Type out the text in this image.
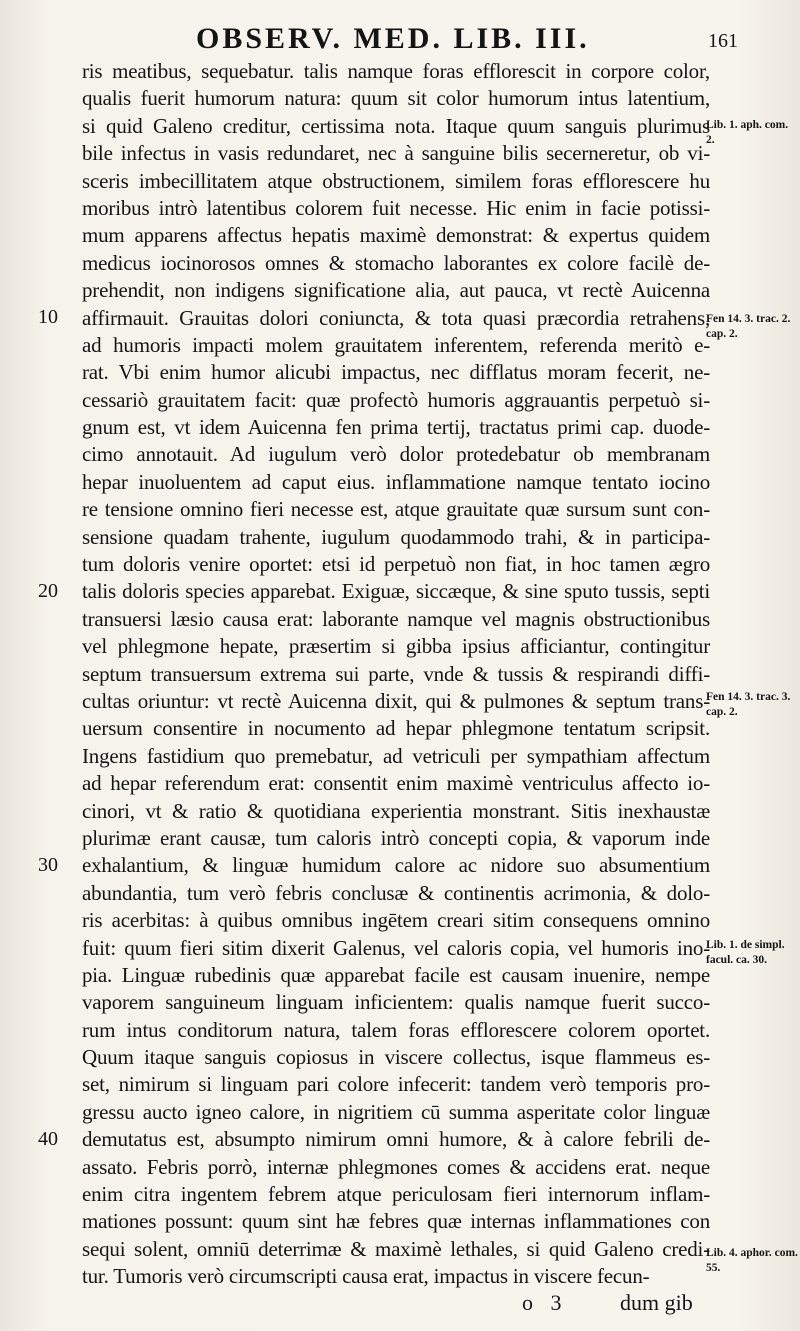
OBSERV. MED. LIB. III.	161
ris meatibus, sequebatur. talis namque foras efflorescit in corpore color,
qualis fuerit humorum natura: quum sit color humorum intus latentium,
si quid Galeno creditur, certissima nota. Itaque quum sanguis plurimus
bile infectus in vasis redundaret, nec à sanguine bilis secerneretur, ob vi-
sceris imbecillitatem atque obstructionem, similem foras efflorescere hu
moribus intrò latentibus colorem fuit necesse. Hic enim in facie potissi-
mum apparens affectus hepatis maximè demonstrat: & expertus quidem
medicus iocinorosos omnes & stomacho laborantes ex colore facilè de-
prehendit, non indigens significatione alia, aut pauca, vt rectè Auicenna
affirmauit. Grauitas dolori coniuncta, & tota quasi præcordia retrahens,
ad humoris impacti molem grauitatem inferentem, referenda meritò e-
rat. Vbi enim humor alicubi impactus, nec difflatus moram fecerit, ne-
cessariò grauitatem facit: quæ profectò humoris aggrauantis perpetuò si-
gnum est, vt idem Auicenna fen prima tertij, tractatus primi cap. duode-
cimo annotauit. Ad iugulum verò dolor protedebatur ob membranam
hepar inuoluentem ad caput eius. inflammatione namque tentato iocino
re tensione omnino fieri necesse est, atque grauitate quæ sursum sunt con-
sensione quadam trahente, iugulum quodammodo trahi, & in participa-
tum doloris venire oportet: etsi id perpetuò non fiat, in hoc tamen ægro
talis doloris species apparebat. Exiguæ, siccæque, & sine sputo tussis, septi
transuersi læsio causa erat: laborante namque vel magnis obstructionibus
vel phlegmone hepate, præsertim si gibba ipsius afficiantur, contingitur
septum transuersum extrema sui parte, vnde & tussis & respirandi diffi-
cultas oriuntur: vt rectè Auicenna dixit, qui & pulmones & septum trans-
uersum consentire in nocumento ad hepar phlegmone tentatum scripsit.
Ingens fastidium quo premebatur, ad vetriculi per sympathiam affectum
ad hepar referendum erat: consentit enim maximè ventriculus affecto io-
cinori, vt & ratio & quotidiana experientia monstrant. Sitis inexhaustæ
plurimæ erant causæ, tum caloris intrò concepti copia, & vaporum inde
exhalantium, & linguæ humidum calore ac nidore suo absumentium
abundantia, tum verò febris conclusæ & continentis acrimonia, & dolo-
ris acerbitas: à quibus omnibus ingētem creari sitim consequens omnino
fuit: quum fieri sitim dixerit Galenus, vel caloris copia, vel humoris ino-
pia. Linguæ rubedinis quæ apparebat facile est causam inuenire, nempe
vaporem sanguineum linguam inficientem: qualis namque fuerit succo-
rum intus conditorum natura, talem foras efflorescere colorem oportet.
Quum itaque sanguis copiosus in viscere collectus, isque flammeus es-
set, nimirum si linguam pari colore infecerit: tandem verò temporis pro-
gressu aucto igneo calore, in nigritiem cū summa asperitate color linguæ
demutatus est, absumpto nimirum omni humore, & à calore febrili de-
assato. Febris porrò, internæ phlegmones comes & accidens erat. neque
enim citra ingentem febrem atque periculosam fieri internorum inflam-
mationes possunt: quum sint hæ febres quæ internas inflammationes con
sequi solent, omniū deterrimæ & maximè lethales, si quid Galeno credi-
tur. Tumoris verò circumscripti causa erat, impactus in viscere fecun-
10
20
30
40
Lib. 1. aph. com. 2.
Fen 14. 3. trac. 2. cap. 2.
Fen 14. 3. trac. 3. cap. 2.
Lib. 1. de simpl. facul. ca. 30.
Lib. 4. aphor. com. 55.
o 3 dum gib
